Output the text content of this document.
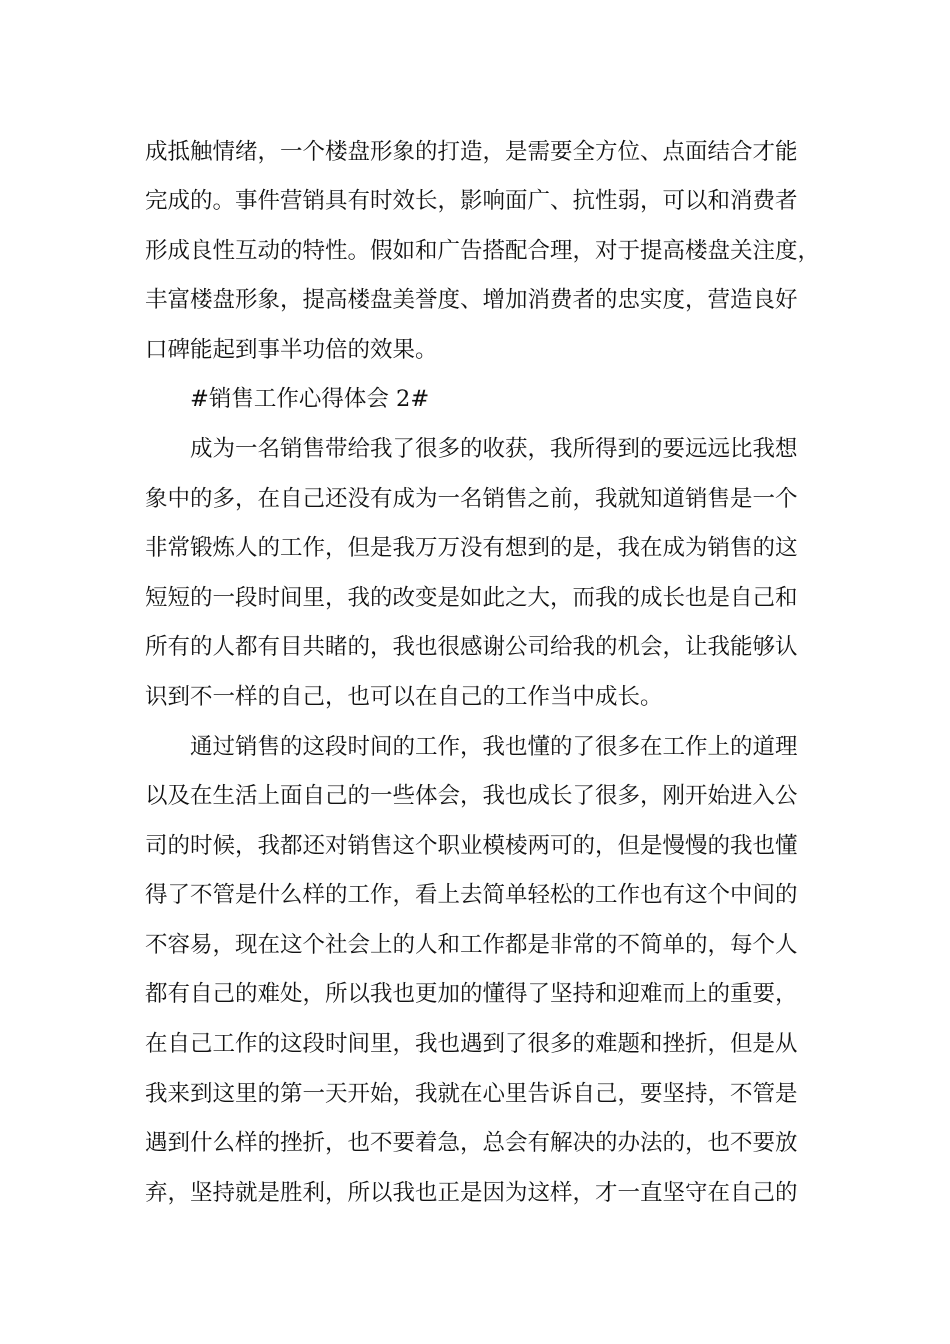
成抵触情绪，一个楼盘形象的打造，是需要全方位、点面结合才能
完成的。事件营销具有时效长，影响面广、抗性弱，可以和消费者
形成良性互动的特性。假如和广告搭配合理，对于提高楼盘关注度，
丰富楼盘形象，提高楼盘美誉度、增加消费者的忠实度，营造良好
口碑能起到事半功倍的效果。
#销售工作心得体会 2#
成为一名销售带给我了很多的收获，我所得到的要远远比我想
象中的多，在自己还没有成为一名销售之前，我就知道销售是一个
非常锻炼人的工作，但是我万万没有想到的是，我在成为销售的这
短短的一段时间里，我的改变是如此之大，而我的成长也是自己和
所有的人都有目共睹的，我也很感谢公司给我的机会，让我能够认
识到不一样的自己，也可以在自己的工作当中成长。
通过销售的这段时间的工作，我也懂的了很多在工作上的道理
以及在生活上面自己的一些体会，我也成长了很多，刚开始进入公
司的时候，我都还对销售这个职业模棱两可的，但是慢慢的我也懂
得了不管是什么样的工作，看上去简单轻松的工作也有这个中间的
不容易，现在这个社会上的人和工作都是非常的不简单的，每个人
都有自己的难处，所以我也更加的懂得了坚持和迎难而上的重要，
在自己工作的这段时间里，我也遇到了很多的难题和挫折，但是从
我来到这里的第一天开始，我就在心里告诉自己，要坚持，不管是
遇到什么样的挫折，也不要着急，总会有解决的办法的，也不要放
弃，坚持就是胜利，所以我也正是因为这样，才一直坚守在自己的
